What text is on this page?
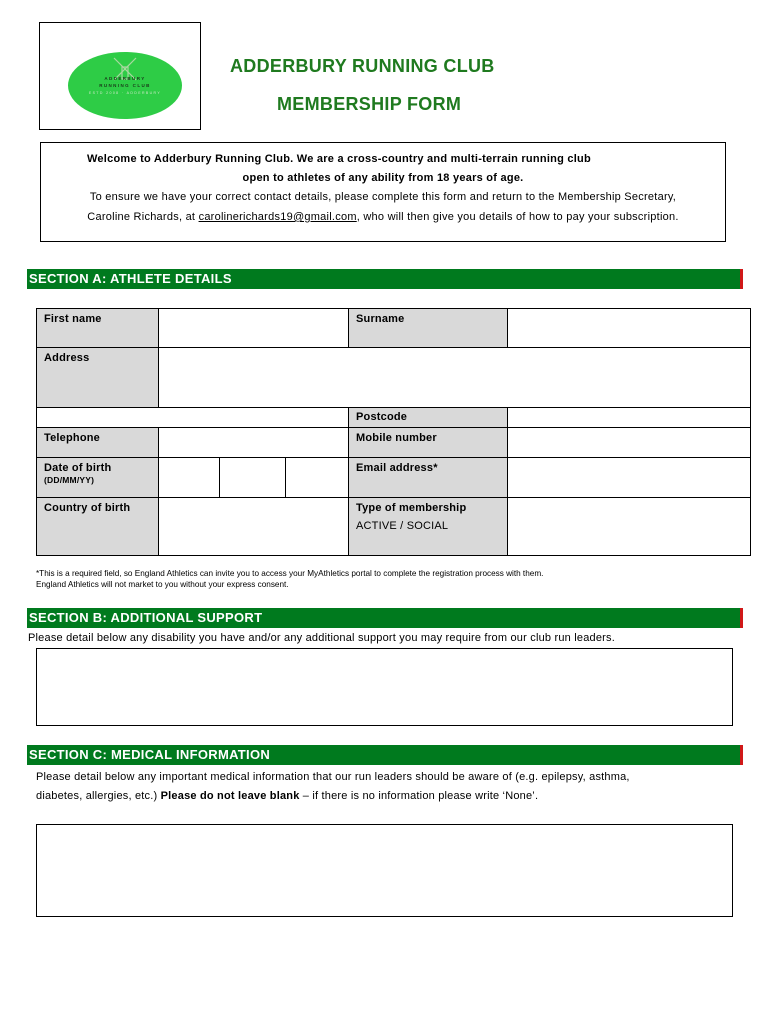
ADDERBURY
RUNNING CLUB
ESTD 2008 · ADDERBURY
ADDERBURY RUNNING CLUB
MEMBERSHIP FORM
Welcome to Adderbury Running Club. We are a cross-country and multi-terrain running club
open to athletes of any ability from 18 years of age.
To ensure we have your correct contact details, please complete this form and return to the Membership Secretary,
Caroline Richards, at carolinerichards19@gmail.com, who will then give you details of how to pay your subscription.
SECTION A: ATHLETE DETAILS
First name				Surname	
Address					
				Postcode	
Telephone				Mobile number	
Date of birth
(DD/MM/YY)				Email address*	
Country of birth				Type of membership
ACTIVE / SOCIAL	

*This is a required field, so England Athletics can invite you to access your MyAthletics portal to complete the registration process with them.
England Athletics will not market to you without your express consent.
SECTION B: ADDITIONAL SUPPORT
Please detail below any disability you have and/or any additional support you may require from our club run leaders.
SECTION C: MEDICAL INFORMATION
Please detail below any important medical information that our run leaders should be aware of (e.g. epilepsy, asthma,
diabetes, allergies, etc.) Please do not leave blank – if there is no information please write ‘None’.
